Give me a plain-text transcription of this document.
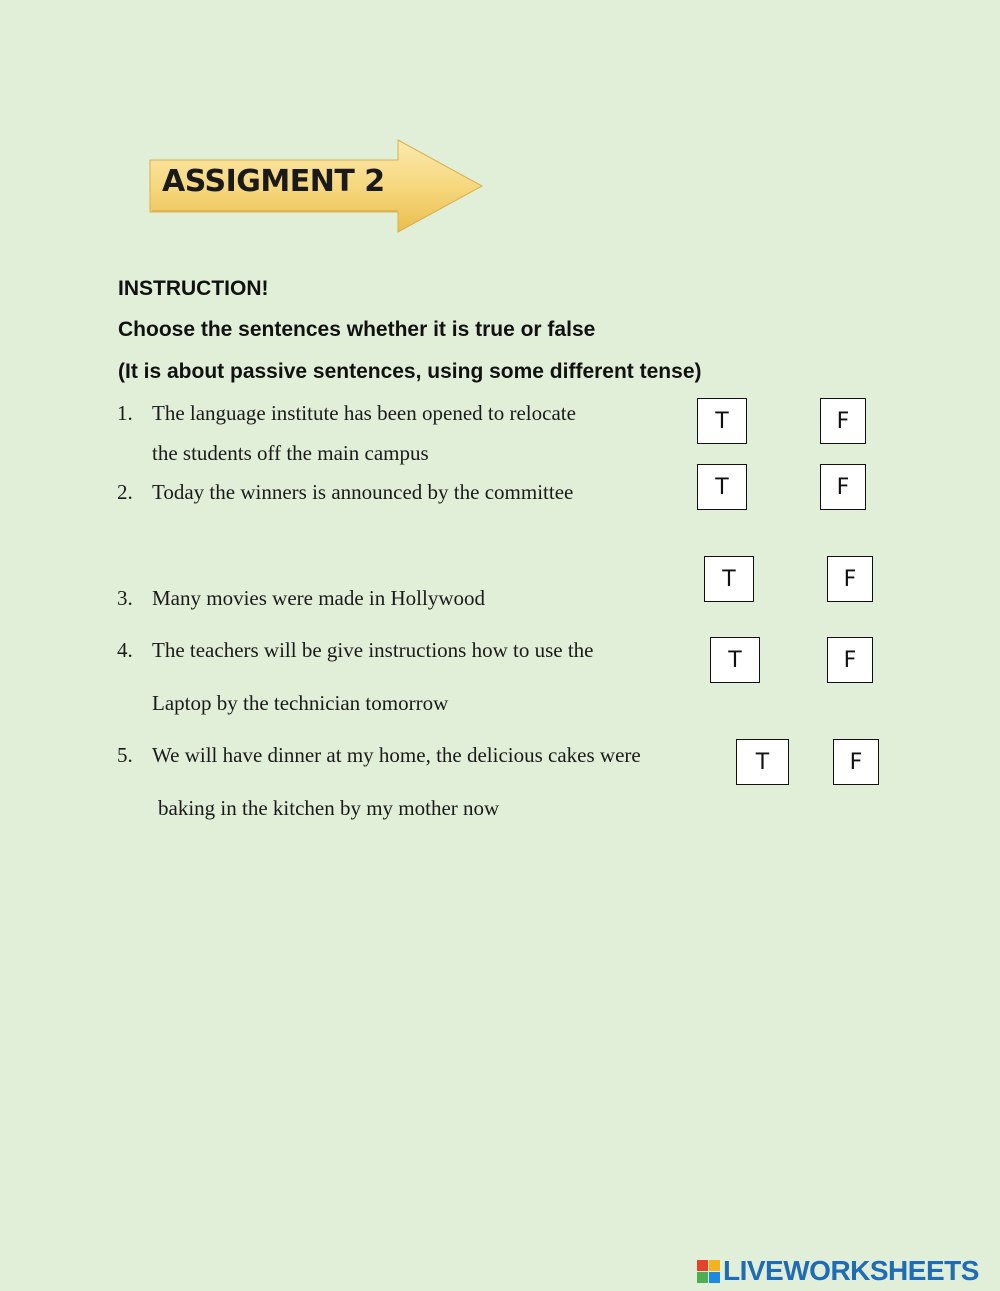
ASSIGMENT 2
INSTRUCTION!
Choose the sentences whether it is true or false
(It is about passive sentences, using some different tense)
1. The language institute has been opened to relocate
the students off the main campus
T	F
2. Today the winners is announced by the committee	T	F
3. Many movies were made in Hollywood
T	F
4. The teachers will be give instructions how to use the
Laptop by the technician tomorrow
T	F
5. We will have dinner at my home, the delicious cakes were
baking in the kitchen by my mother now
T	F
LIVEWORKSHEETS
